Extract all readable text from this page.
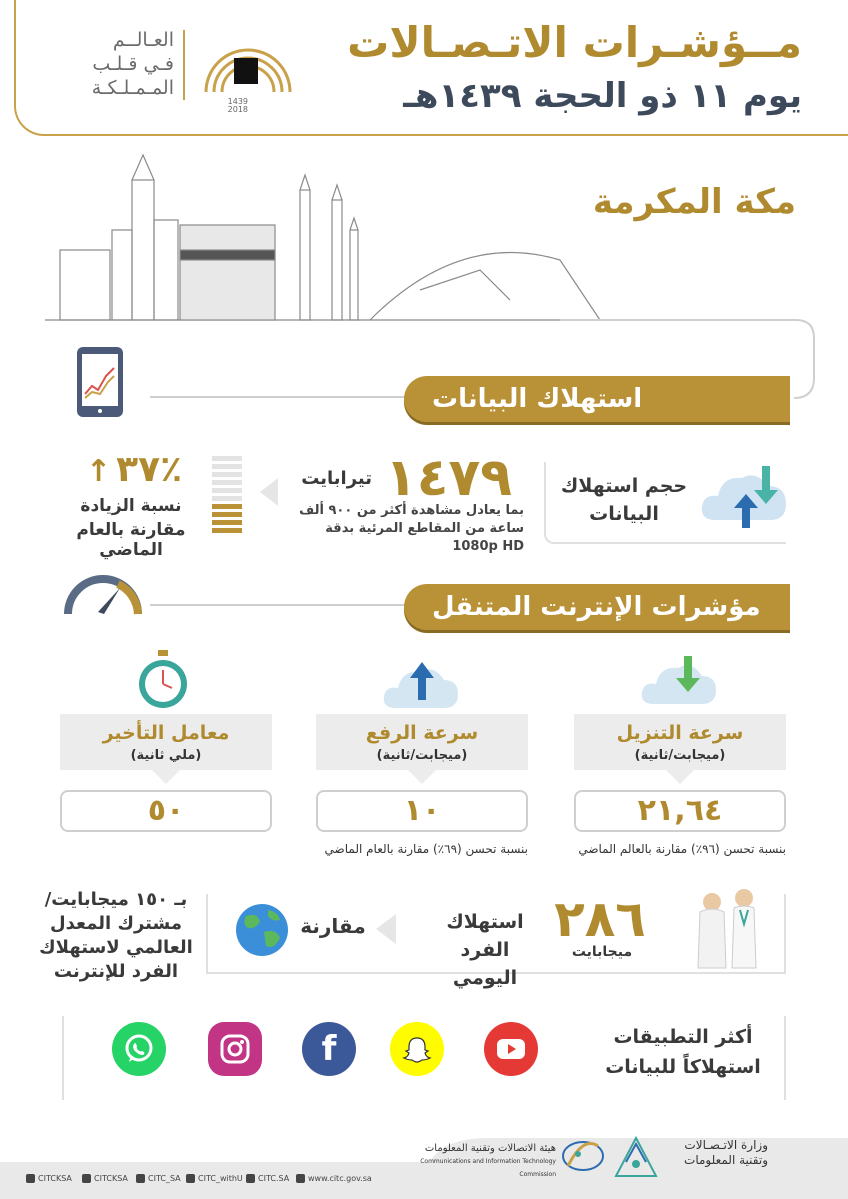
مــؤشـرات الاتـصـالات
يوم ١١ ذو الحجة ١٤٣٩هـ
العـالــم
فـي قـلـب
المـمـلـكـة
1439
2018
مكة المكرمة
استهلاك البيانات
حجم استهلاك البيانات
١٤٧٩
تيرابايت
بما يعادل مشاهدة أكثر من ٩٠٠ ألف ساعة من المقاطع المرئية بدقة 1080p HD
٪٣٧ ↑
نسبة الزيادة
مقارنة بالعام الماضي
مؤشرات الإنترنت المتنقل
سرعة التنزيل
(ميجابت/ثانية)
٢١,٦٤
بنسبة تحسن (٩٦٪) مقارنة بالعالم الماضي
سرعة الرفع
(ميجابت/ثانية)
١٠
بنسبة تحسن (٦٩٪) مقارنة بالعام الماضي
معامل التأخير
(ملي ثانية)
٥٠
٢٨٦
ميجابايت
استهلاك الفرد اليومي
مقارنة
بـ ١٥٠ ميجابايت/ مشترك المعدل العالمي لاستهلاك الفرد للإنترنت
أكثر التطبيقات استهلاكاً للبيانات
f
وزارة الاتـصـالات
وتقنية المعلومات
هيئة الاتصالات وتقنية المعلومات
Communications and Information Technology Commission
CITCKSA	CITCKSA	CITC_SA CITC_withU CITC.SA www.citc.gov.sa
